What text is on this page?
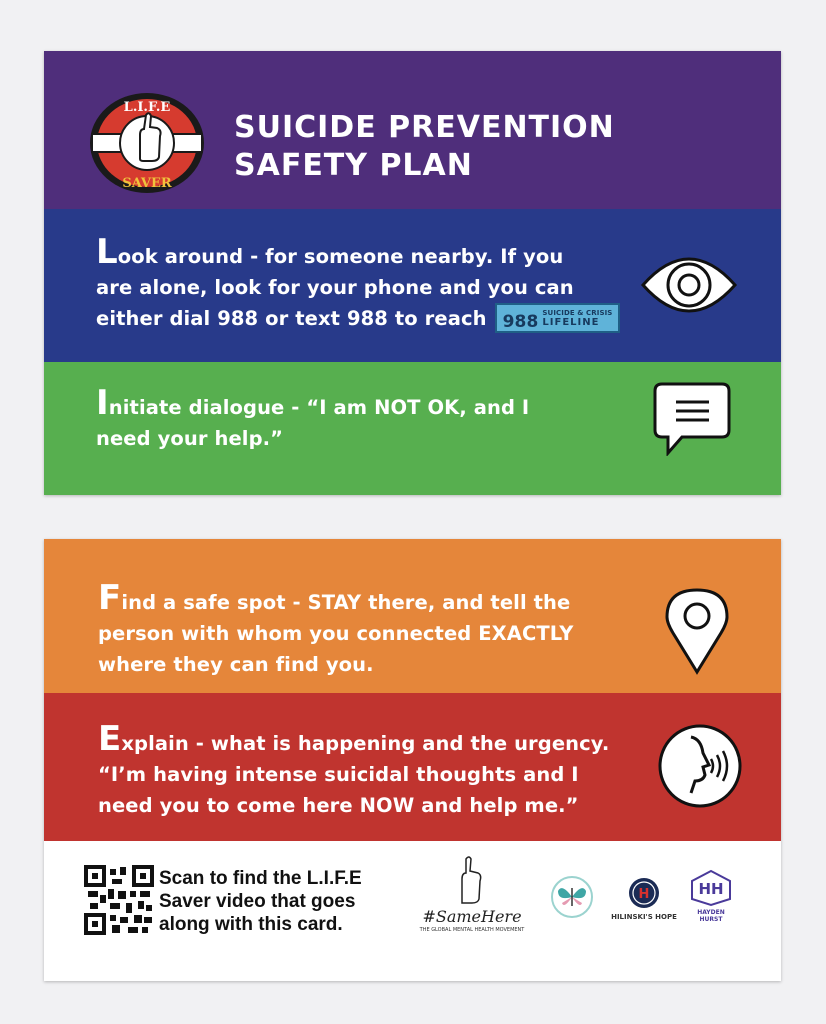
L.I.F.E
SAVER
SUICIDE PREVENTION
SAFETY PLAN
Look around - for someone nearby. If you
are alone, look for your phone and you can
either dial 988 or text 988 to reach 988 SUICIDE & CRISIS
LIFELINE
Initiate dialogue - “I am NOT OK, and I
need your help.”
Find a safe spot - STAY there, and tell the
person with whom you connected EXACTLY
where they can find you.
Explain - what is happening and the urgency.
“I’m having intense suicidal thoughts and I
need you to come here NOW and help me.”
Scan to find the L.I.F.E
Saver video that goes
along with this card.	#SameHere
THE GLOBAL MENTAL HEALTH MOVEMENT
H
HILINSKI'S HOPE
HH
HAYDEN HURST
